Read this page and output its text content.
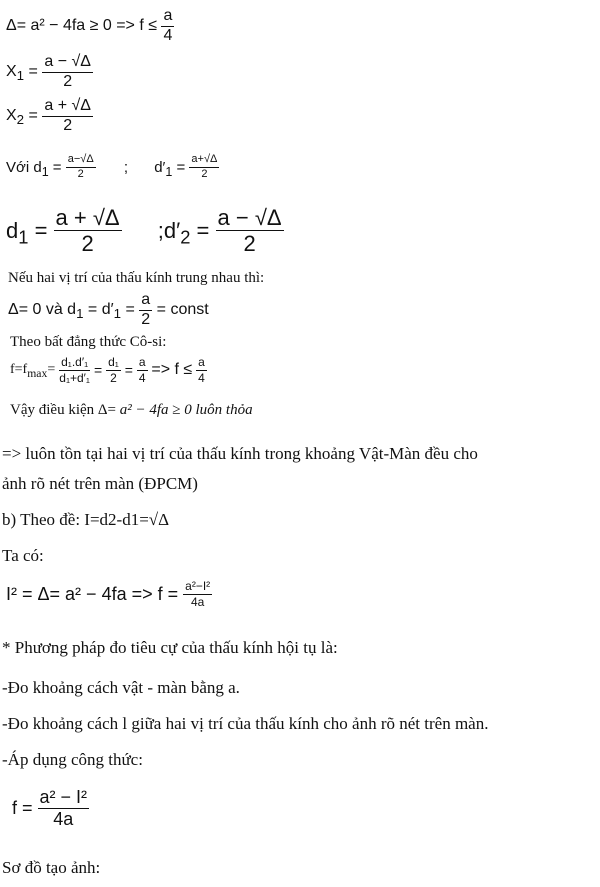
$\Delta= a^2 - 4fa \ge 0 => f \le \frac{a}{4}$
$X_1 = \frac{a - √\Delta}{2}$
$X_2 = \frac{a + √\Delta}{2}$
Với $d_1 = \frac{a-√\Delta}{2}$ ; $d'_1 = \frac{a+√\Delta}{2}$
$d_1 = \frac{a + √\Delta}{2}$ $;d'_2 = \frac{a - √\Delta}{2}$
Nếu hai vị trí của thấu kính trung nhau thì:
Δ= 0 và $d_1 = d'_1 = \frac{a}{2}$ = const
Theo bất đẳng thức Cô-si:
$f=f_{max}= \frac{\text{d₁.d′₁}}{\text{d₁+d′₁}} = \frac{\text{d₁}}{2} = \frac{a}{4} => f \le \frac{a}{4}$
Vậy điều kiện Δ= a² − 4fa ≥ 0 luôn thỏa
=> luôn tồn tại hai vị trí của thấu kính trong khoảng Vật-Màn đều cho
ảnh rõ nét trên màn (ĐPCM)
b) Theo đề: I=d2-d1=√Δ
Ta có:
$I^2 = \Delta= a^2 - 4fa => f = \frac{\text{a²−I²}}{4a}$
* Phương pháp đo tiêu cự của thấu kính hội tụ là:
-Đo khoảng cách vật - màn bằng a.
-Đo khoảng cách l giữa hai vị trí của thấu kính cho ảnh rõ nét trên màn.
-Áp dụng công thức:
$f = \frac{\text{a² − I²}}{4a}$
Sơ đồ tạo ảnh:
